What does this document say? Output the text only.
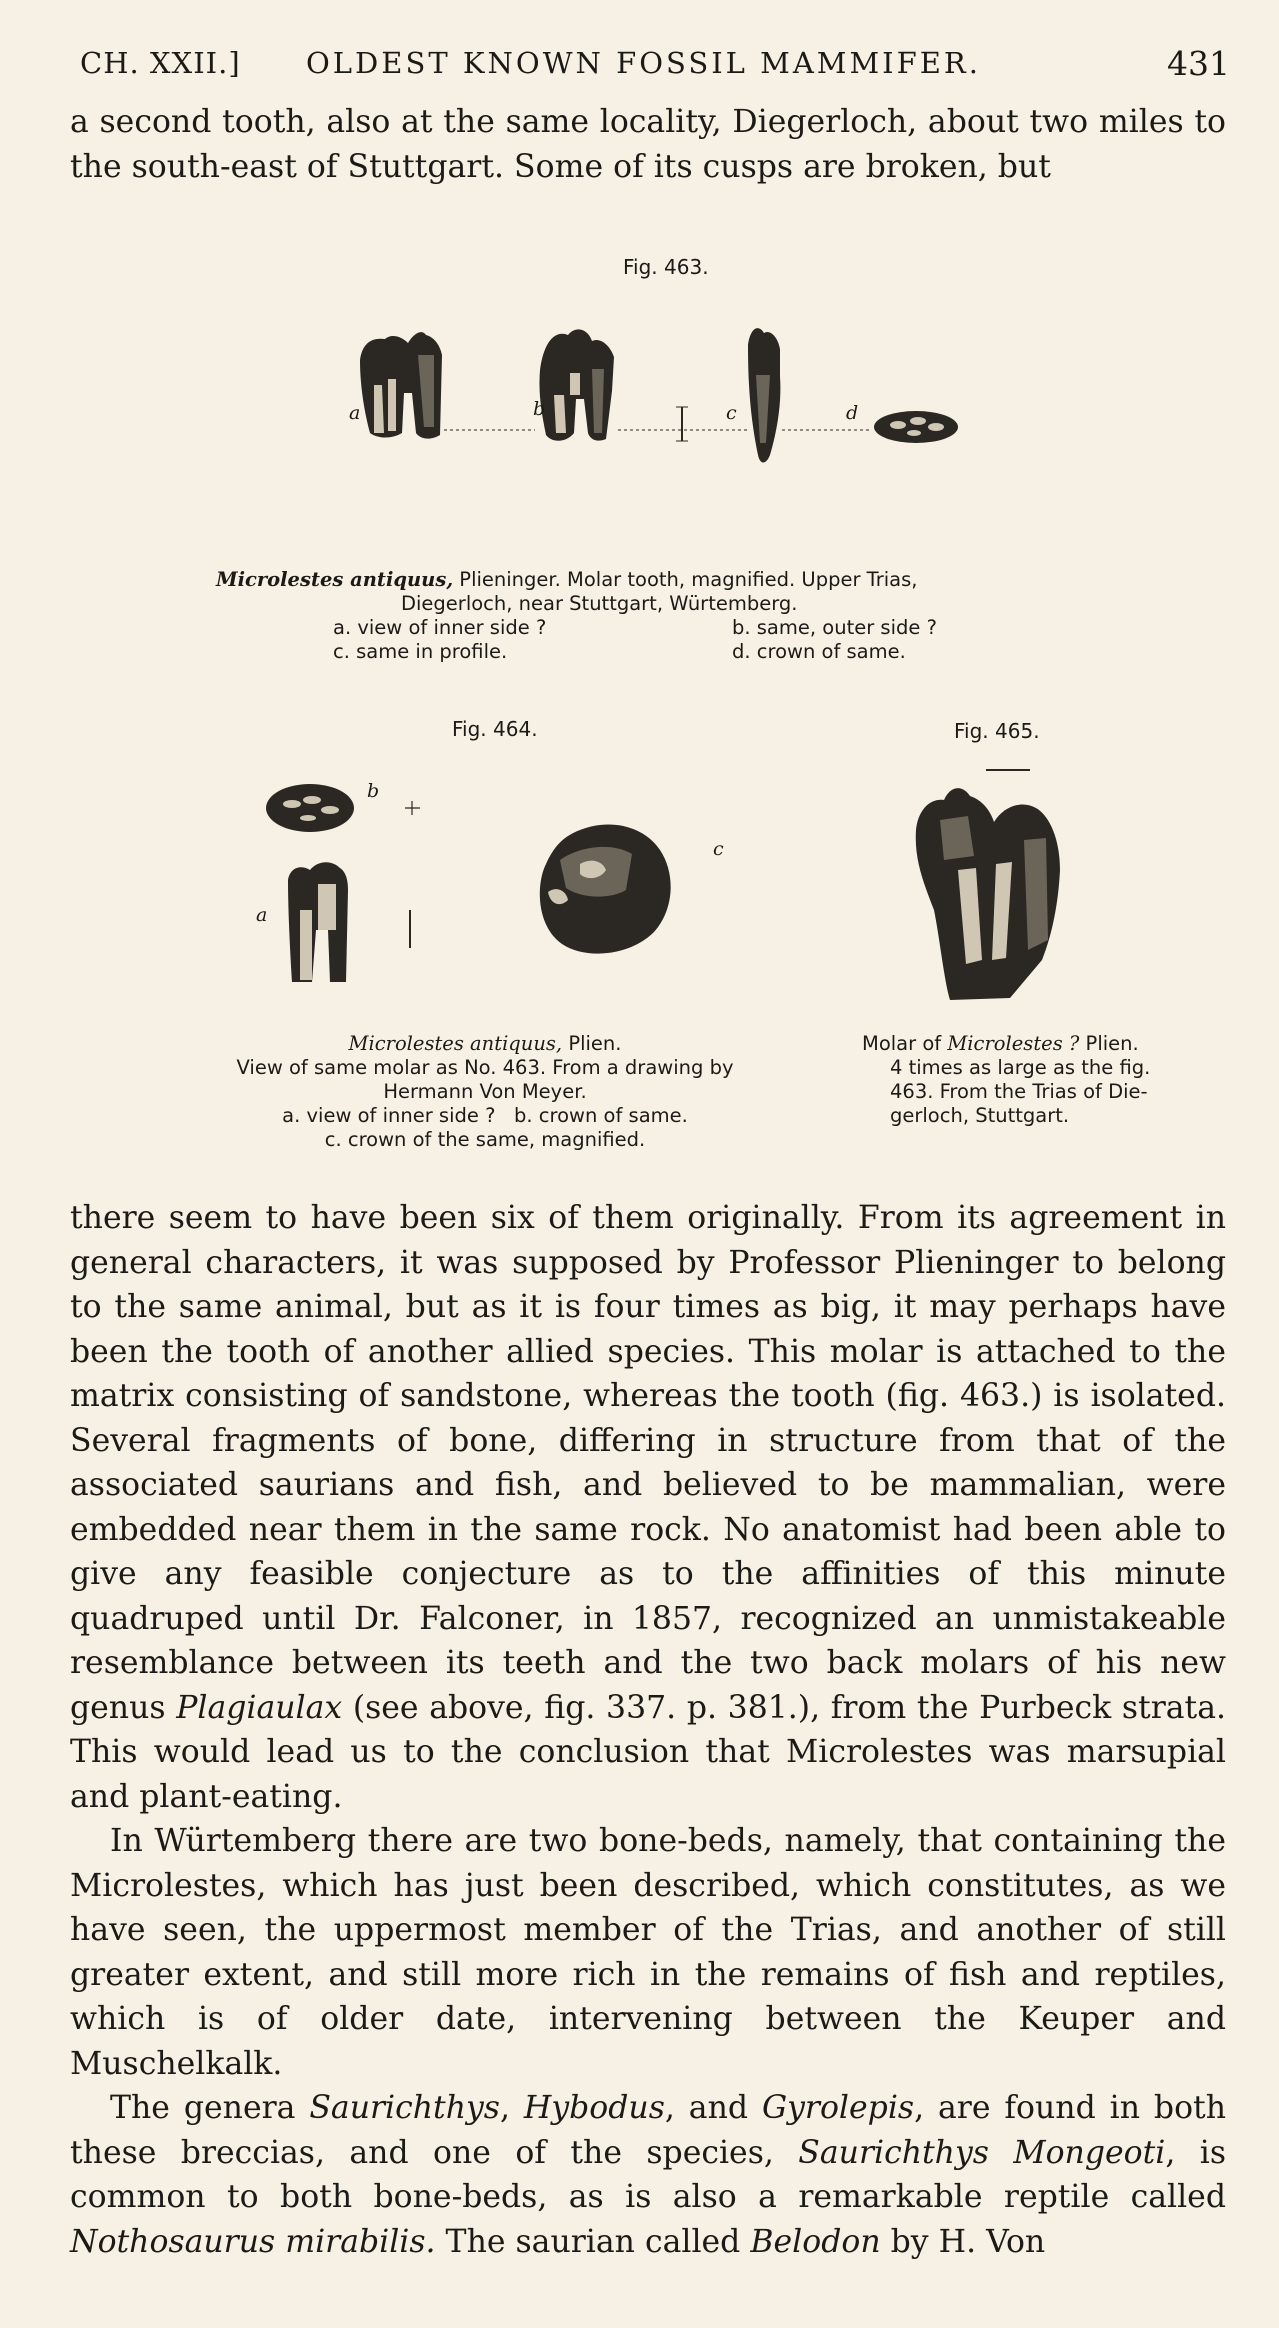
CH. XXII.] OLDEST KNOWN FOSSIL MAMMIFER.	431

a second tooth, also at the same locality, Diegerloch, about two miles to the south-east of Stuttgart. Some of its cusps are broken, but

Fig. 463.
a	b	c	d
Microlestes antiquus, Plieninger. Molar tooth, magnified. Upper Trias,
Diegerloch, near Stuttgart, Würtemberg.
a. view of inner side ?	b. same, outer side ?
c. same in profile.	d. crown of same.
Fig. 464.
b
a
c
Microlestes antiquus, Plien.
View of same molar as No. 463. From a drawing by
Hermann Von Meyer.
a. view of inner side ?   b. crown of same.
c. crown of the same, magnified.
Fig. 465.
Molar of Microlestes ? Plien.
4 times as large as the fig.
463. From the Trias of Die-
gerloch, Stuttgart.

there seem to have been six of them originally. From its agreement in general characters, it was supposed by Professor Plieninger to belong to the same animal, but as it is four times as big, it may perhaps have been the tooth of another allied species. This molar is attached to the matrix consisting of sandstone, whereas the tooth (fig. 463.) is isolated. Several fragments of bone, differing in structure from that of the associated saurians and fish, and believed to be mammalian, were embedded near them in the same rock. No anatomist had been able to give any feasible conjecture as to the affinities of this minute quadruped until Dr. Falconer, in 1857, recognized an unmistakeable resemblance between its teeth and the two back molars of his new genus Plagiaulax (see above, fig. 337. p. 381.), from the Purbeck strata. This would lead us to the conclusion that Microlestes was marsupial and plant-eating.

In Würtemberg there are two bone-beds, namely, that containing the Microlestes, which has just been described, which constitutes, as we have seen, the uppermost member of the Trias, and another of still greater extent, and still more rich in the remains of fish and reptiles, which is of older date, intervening between the Keuper and Muschelkalk.

The genera Saurichthys, Hybodus, and Gyrolepis, are found in both these breccias, and one of the species, Saurichthys Mongeoti, is common to both bone-beds, as is also a remarkable reptile called Nothosaurus mirabilis. The saurian called Belodon by H. Von
